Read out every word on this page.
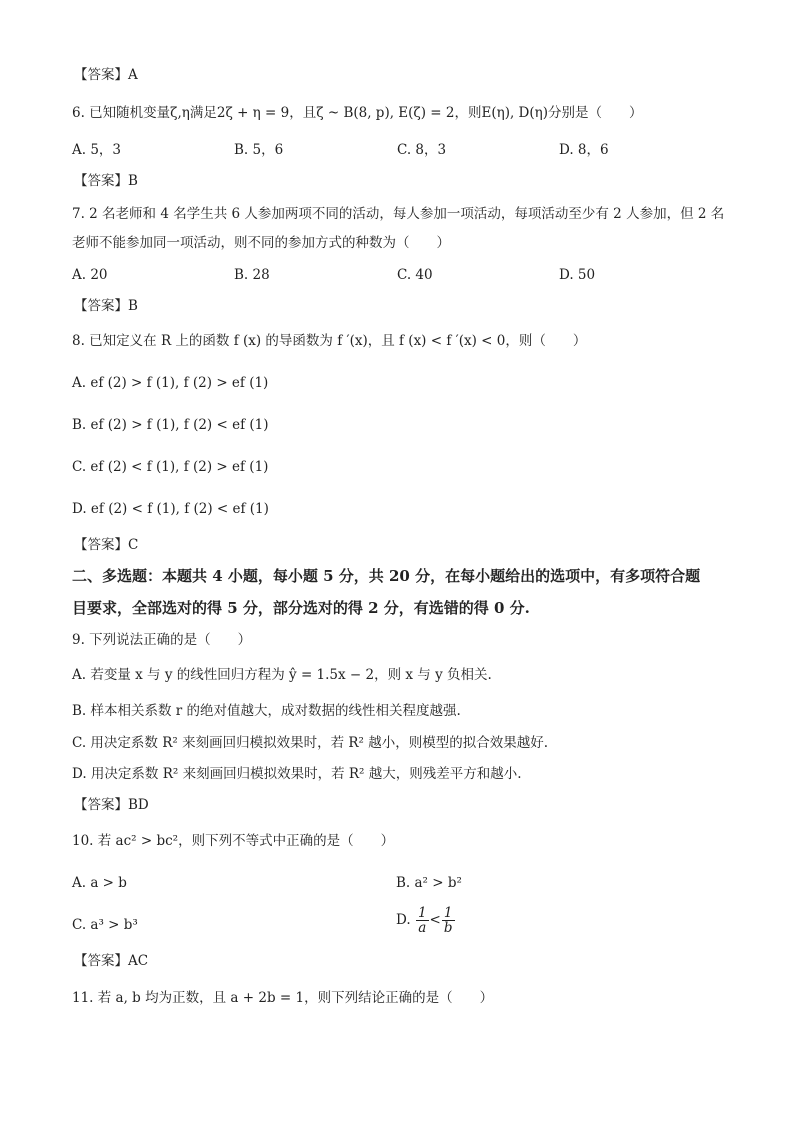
【答案】A
6. 已知随机变量ζ,η满足2ζ + η = 9，且ζ ~ B(8, p), E(ζ) = 2，则E(η), D(η)分别是（　　）
A. 5，3	B. 5，6	C. 8，3	D. 8，6
【答案】B
7. 2 名老师和 4 名学生共 6 人参加两项不同的活动，每人参加一项活动，每项活动至少有 2 人参加，但 2 名
老师不能参加同一项活动，则不同的参加方式的种数为（　　）
A. 20	B. 28	C. 40	D. 50
【答案】B
8. 已知定义在 R 上的函数 f (x) 的导函数为 f ′(x)，且 f (x) < f ′(x) < 0，则（　　）
A. ef (2) > f (1), f (2) > ef (1)
B. ef (2) > f (1), f (2) < ef (1)
C. ef (2) < f (1), f (2) > ef (1)
D. ef (2) < f (1), f (2) < ef (1)
【答案】C
二、多选题：本题共 4 小题，每小题 5 分，共 20 分，在每小题给出的选项中，有多项符合题
目要求，全部选对的得 5 分，部分选对的得 2 分，有选错的得 0 分.
9. 下列说法正确的是（　　）
A. 若变量 x 与 y 的线性回归方程为 ŷ = 1.5x − 2，则 x 与 y 负相关.
B. 样本相关系数 r 的绝对值越大，成对数据的线性相关程度越强.
C. 用决定系数 R² 来刻画回归模拟效果时，若 R² 越小，则模型的拟合效果越好.
D. 用决定系数 R² 来刻画回归模拟效果时，若 R² 越大，则残差平方和越小.
【答案】BD
10. 若 ac² > bc²，则下列不等式中正确的是（　　）
A. a > b	B. a² > b²
C. a³ > b³	D. $\frac{1}{a} < \frac{1}{b}$
【答案】AC
11. 若 a, b 均为正数，且 a + 2b = 1，则下列结论正确的是（　　）
